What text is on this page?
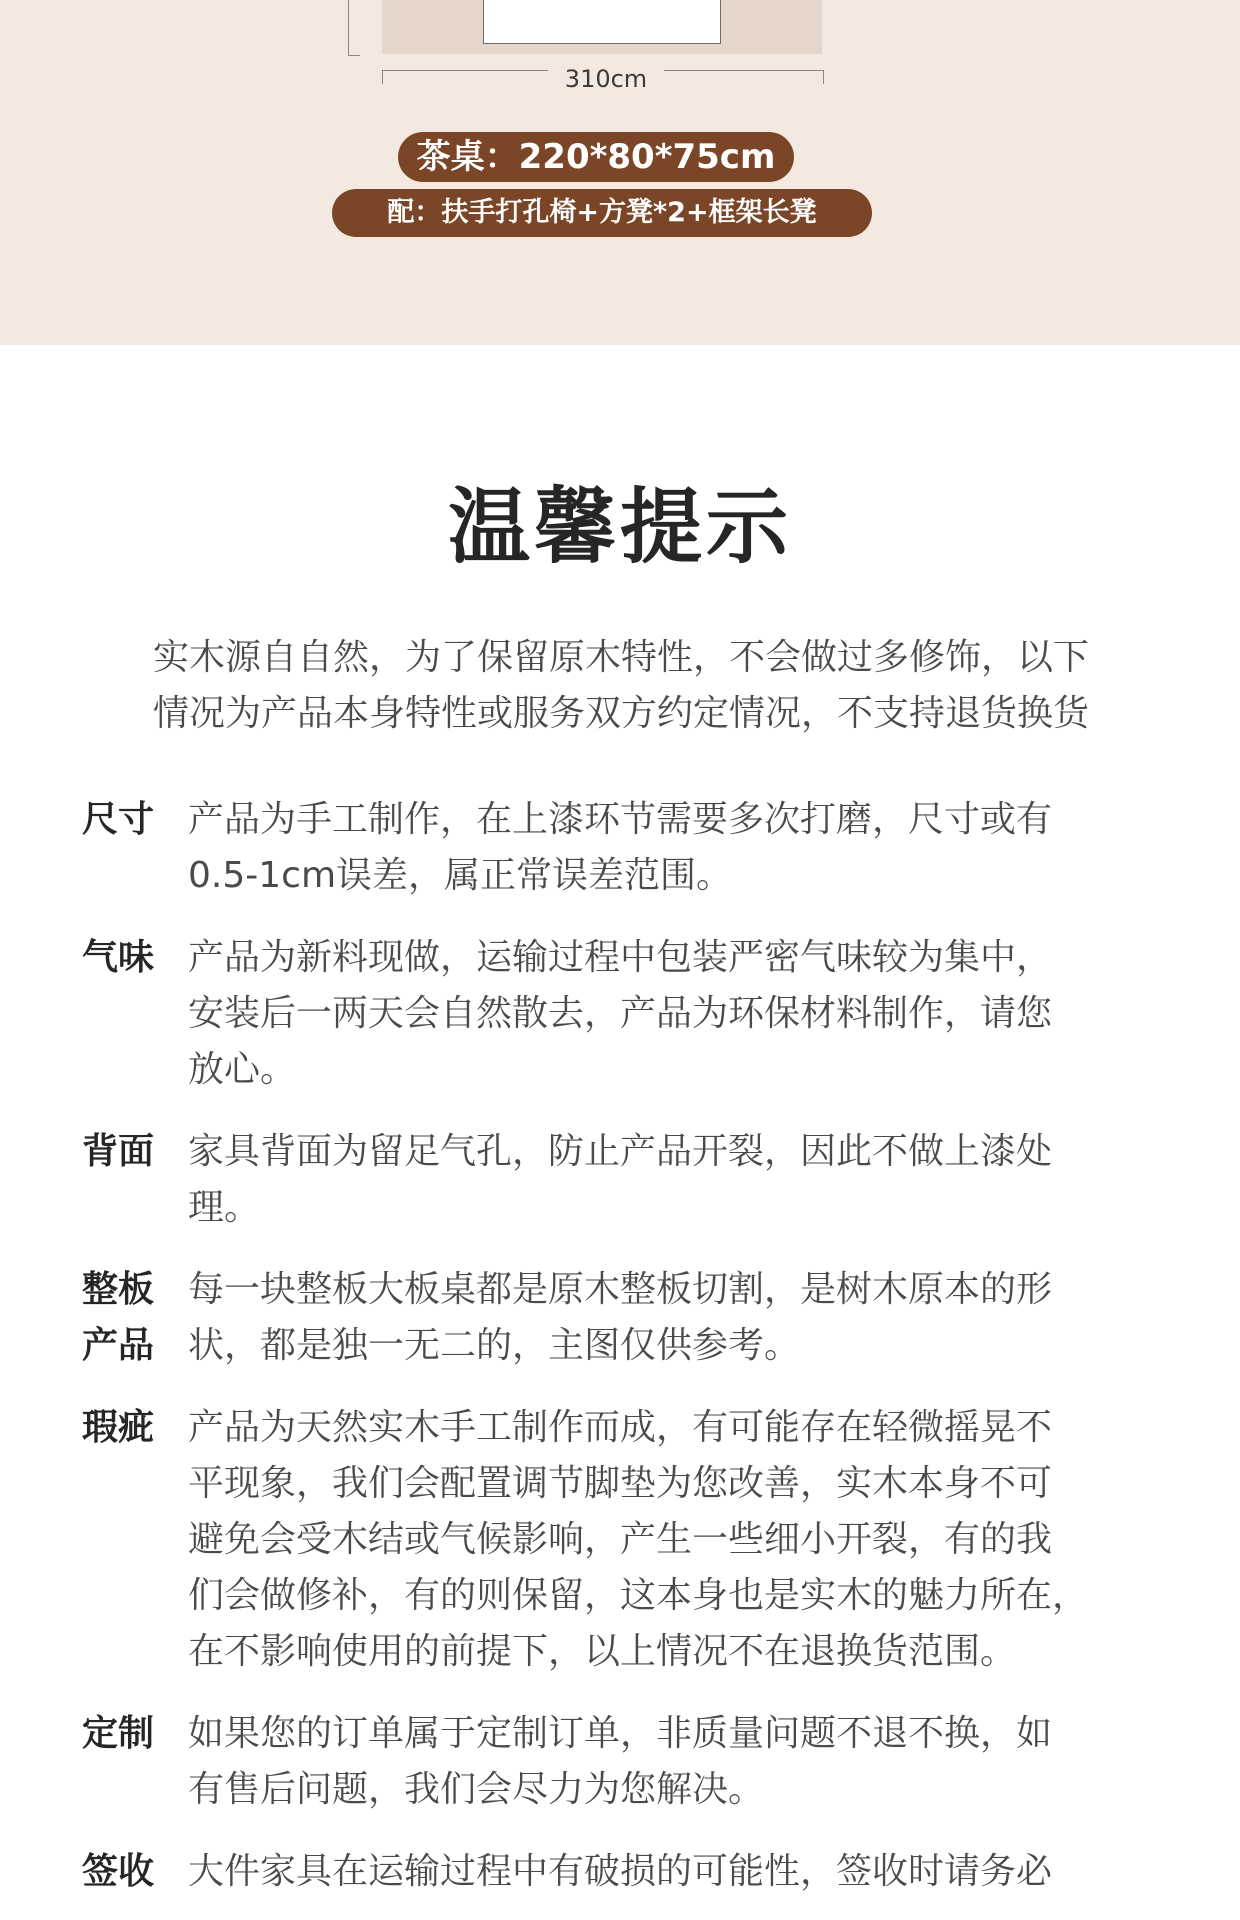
310cm
茶桌：220*80*75cm
配：扶手打孔椅+方凳*2+框架长凳
温馨提示
实木源自自然，为了保留原木特性，不会做过多修饰，以下
情况为产品本身特性或服务双方约定情况，不支持退货换货
尺寸 产品为手工制作，在上漆环节需要多次打磨，尺寸或有
0.5-1cm误差，属正常误差范围。
气味 产品为新料现做，运输过程中包装严密气味较为集中，
安装后一两天会自然散去，产品为环保材料制作，请您
放心。
背面 家具背面为留足气孔，防止产品开裂，因此不做上漆处
理。
整板
产品
每一块整板大板桌都是原木整板切割，是树木原本的形
状，都是独一无二的，主图仅供参考。
瑕疵 产品为天然实木手工制作而成，有可能存在轻微摇晃不
平现象，我们会配置调节脚垫为您改善，实木本身不可
避免会受木结或气候影响，产生一些细小开裂，有的我
们会做修补，有的则保留，这本身也是实木的魅力所在，
在不影响使用的前提下，以上情况不在退换货范围。
定制 如果您的订单属于定制订单，非质量问题不退不换，如
有售后问题，我们会尽力为您解决。
签收 大件家具在运输过程中有破损的可能性，签收时请务必
